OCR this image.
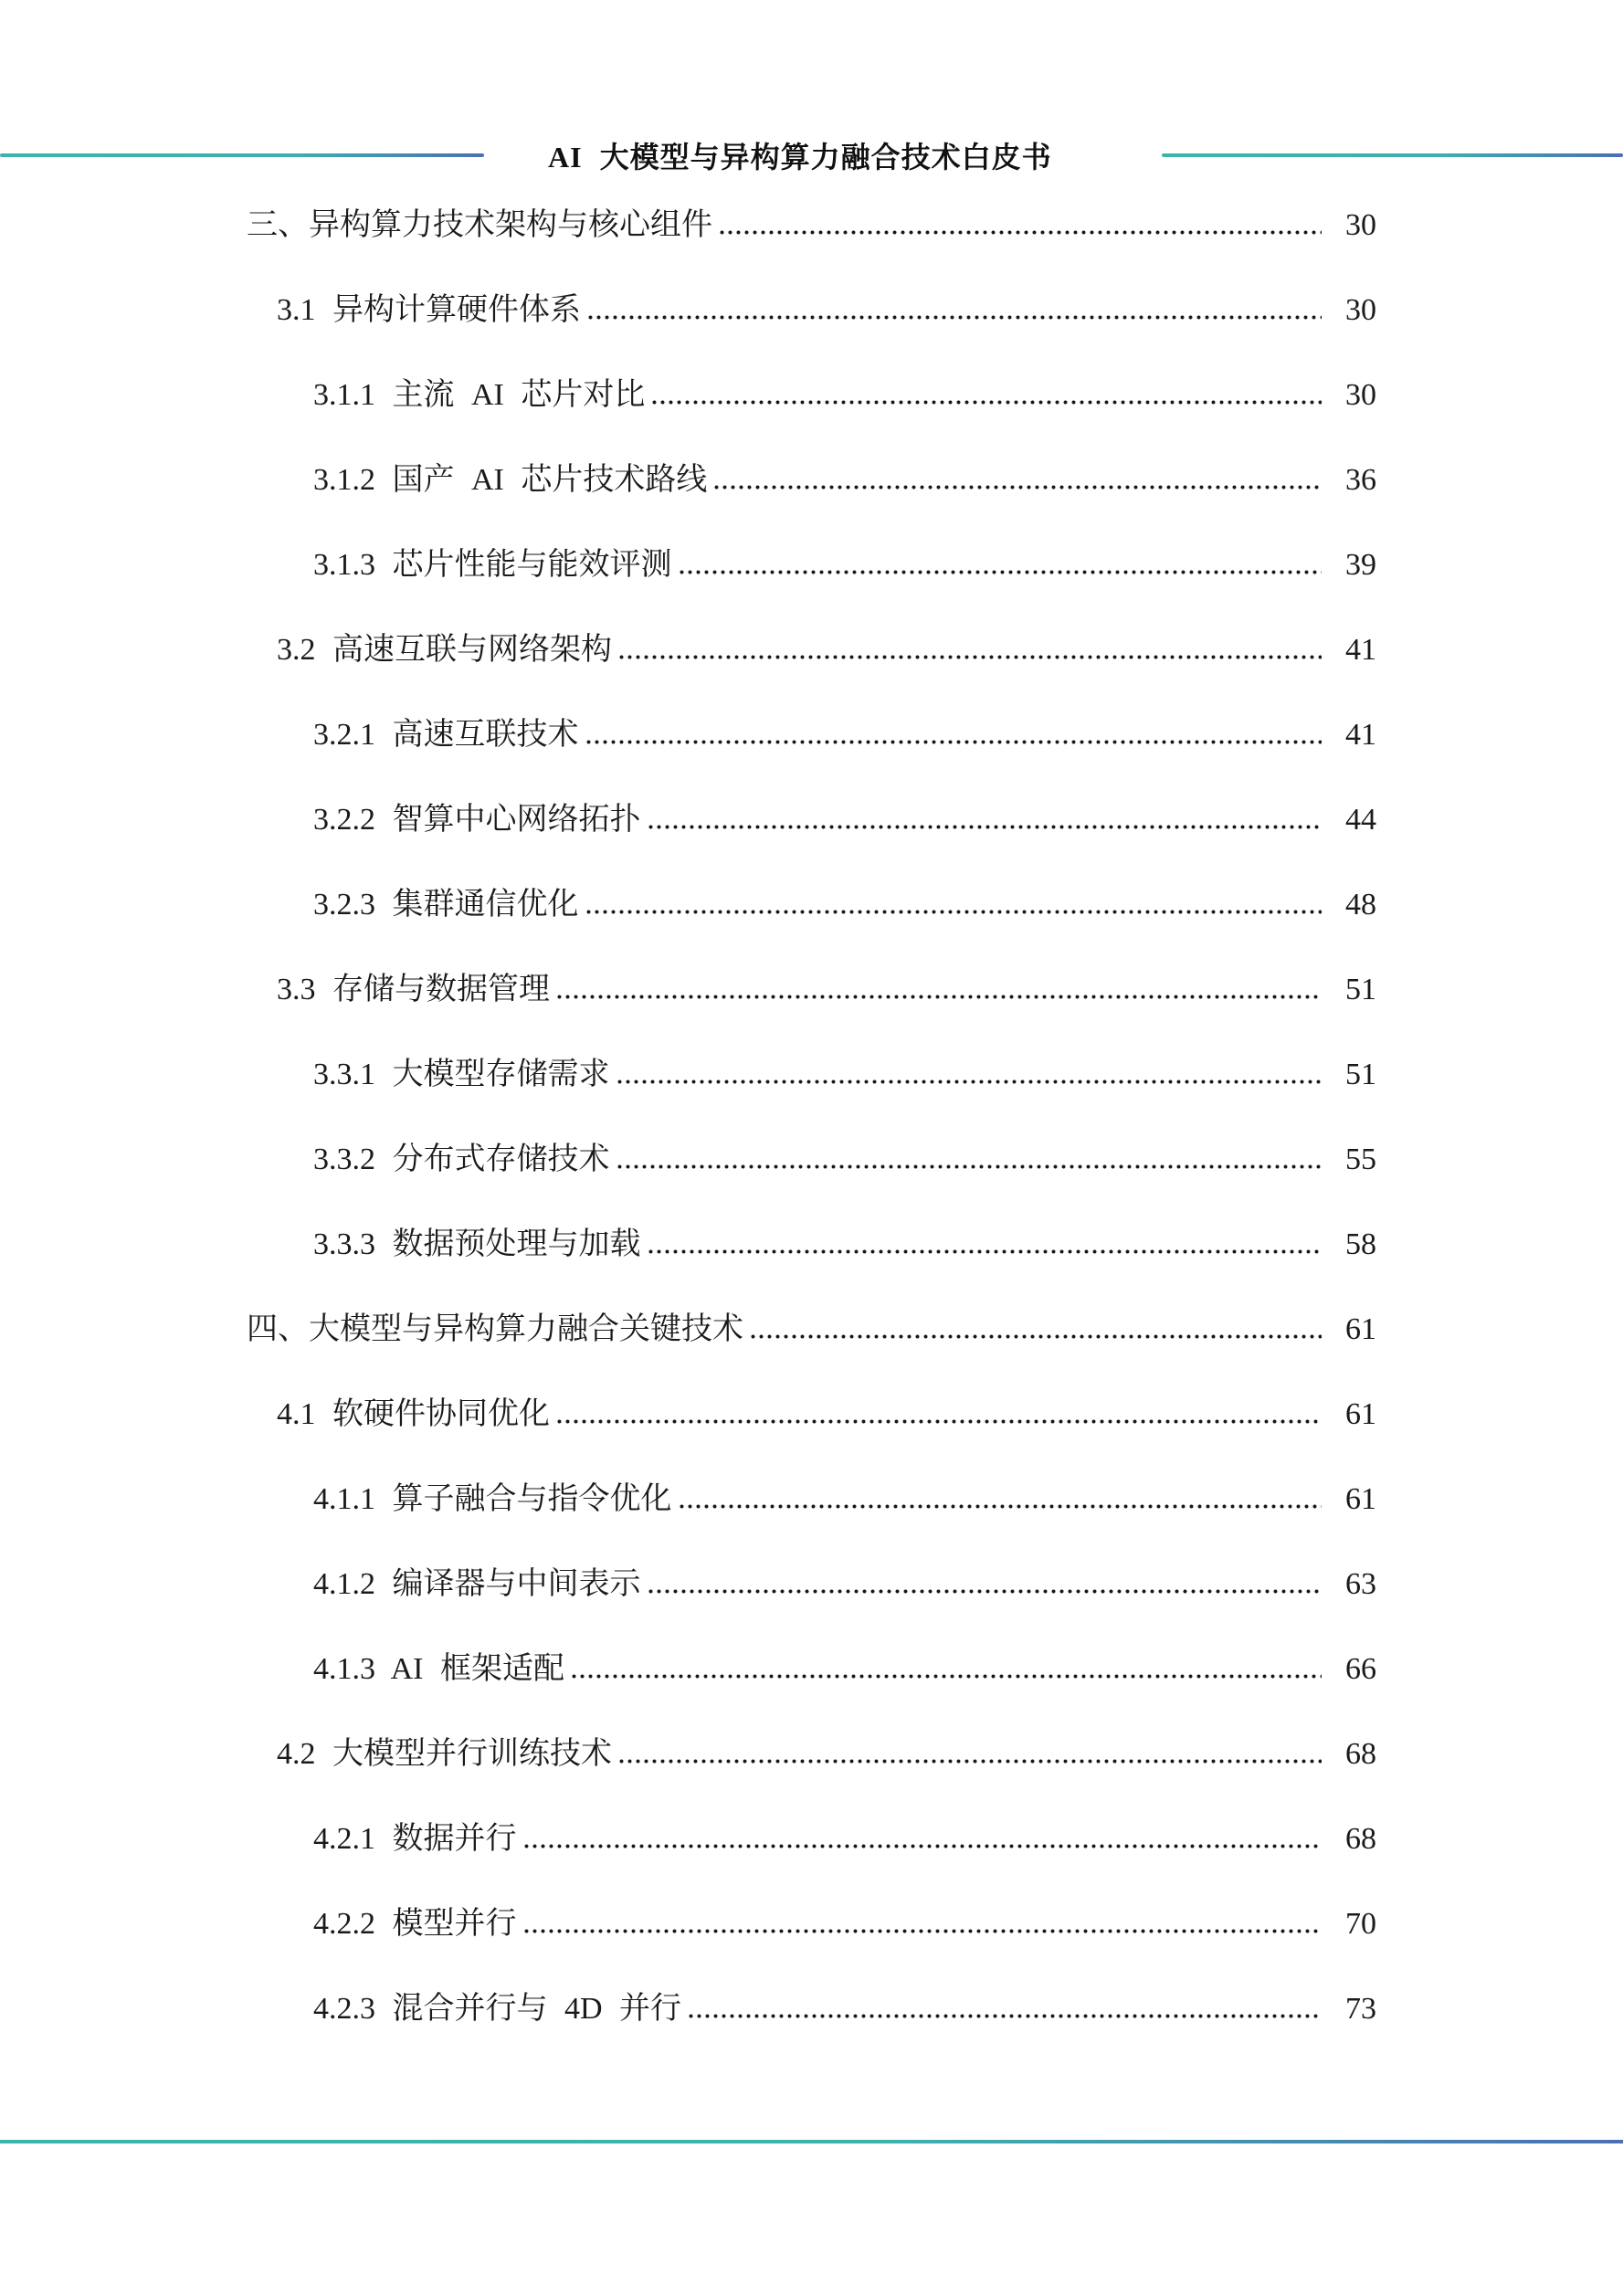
AI 大模型与异构算力融合技术白皮书
三、异构算力技术架构与核心组件	30
3.1 异构计算硬件体系	30
3.1.1 主流 AI 芯片对比	30
3.1.2 国产 AI 芯片技术路线	36
3.1.3 芯片性能与能效评测	39
3.2 高速互联与网络架构	41
3.2.1 高速互联技术	41
3.2.2 智算中心网络拓扑	44
3.2.3 集群通信优化	48
3.3 存储与数据管理	51
3.3.1 大模型存储需求	51
3.3.2 分布式存储技术	55
3.3.3 数据预处理与加载	58
四、大模型与异构算力融合关键技术	61
4.1 软硬件协同优化	61
4.1.1 算子融合与指令优化	61
4.1.2 编译器与中间表示	63
4.1.3 AI 框架适配	66
4.2 大模型并行训练技术	68
4.2.1 数据并行	68
4.2.2 模型并行	70
4.2.3 混合并行与 4D 并行	73
